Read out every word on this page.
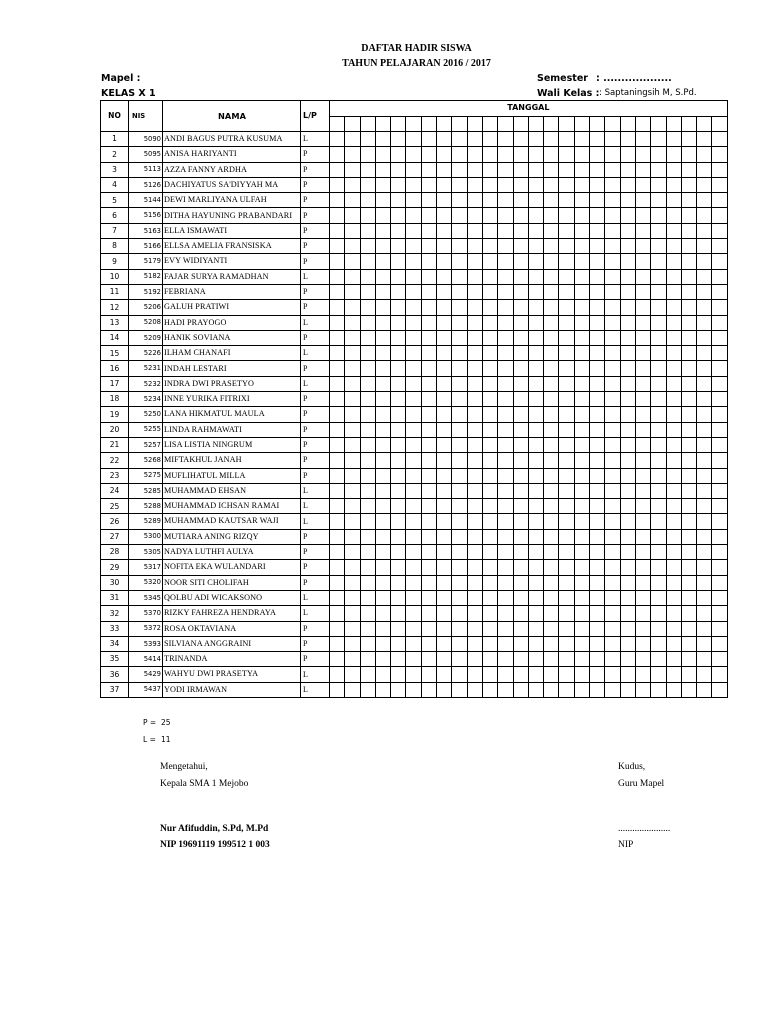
DAFTAR HADIR SISWA
TAHUN PELAJARAN 2016 / 2017
Mapel :
KELAS X 1
Semester : ...................
Wali Kelas : : Saptaningsih M, S.Pd.
NO	NIS	NAMA	L/P	TANGGAL																									

1	5090	ANDI BAGUS PUTRA KUSUMA	L																										
2	5095	ANISA HARIYANTI	P																										
3	5113	AZZA FANNY ARDHA	P																										
4	5126	DACHIYATUS SA'DIYYAH MA	P																										
5	5144	DEWI MARLIYANA ULFAH	P																										
6	5156	DITHA HAYUNING PRABANDARI	P																										
7	5163	ELLA ISMAWATI	P																										
8	5166	ELLSA AMELIA FRANSISKA	P																										
9	5179	EVY WIDIYANTI	P																										
10	5182	FAJAR SURYA RAMADHAN	L																										
11	5192	FEBRIANA	P																										
12	5206	GALUH PRATIWI	P																										
13	5208	HADI PRAYOGO	L																										
14	5209	HANIK SOVIANA	P																										
15	5226	ILHAM CHANAFI	L																										
16	5231	INDAH LESTARI	P																										
17	5232	INDRA DWI PRASETYO	L																										
18	5234	INNE YURIKA FITRIXI	P																										
19	5250	LANA HIKMATUL MAULA	P																										
20	5255	LINDA RAHMAWATI	P																										
21	5257	LISA LISTIA NINGRUM	P																										
22	5268	MIFTAKHUL JANAH	P																										
23	5275	MUFLIHATUL MILLA	P																										
24	5285	MUHAMMAD EHSAN	L																										
25	5288	MUHAMMAD ICHSAN RAMAI	L																										
26	5289	MUHAMMAD KAUTSAR WAJI	L																										
27	5300	MUTIARA ANING RIZQY	P																										
28	5305	NADYA LUTHFI AULYA	P																										
29	5317	NOFITA EKA WULANDARI	P																										
30	5320	NOOR SITI CHOLIFAH	P																										
31	5345	QOLBU ADI WICAKSONO	L																										
32	5370	RIZKY FAHREZA HENDRAYA	L																										
33	5372	ROSA OKTAVIANA	P																										
34	5393	SILVIANA ANGGRAINI	P																										
35	5414	TRINANDA	P																										
36	5429	WAHYU DWI PRASETYA	L																										
37	5437	YODI IRMAWAN	L																										
P = 25
L = 11
Mengetahui,
Kepala SMA 1 Mejobo
Nur Afifuddin, S.Pd, M.Pd
NIP 19691119 199512 1 003
Kudus,
Guru Mapel
......................
NIP
